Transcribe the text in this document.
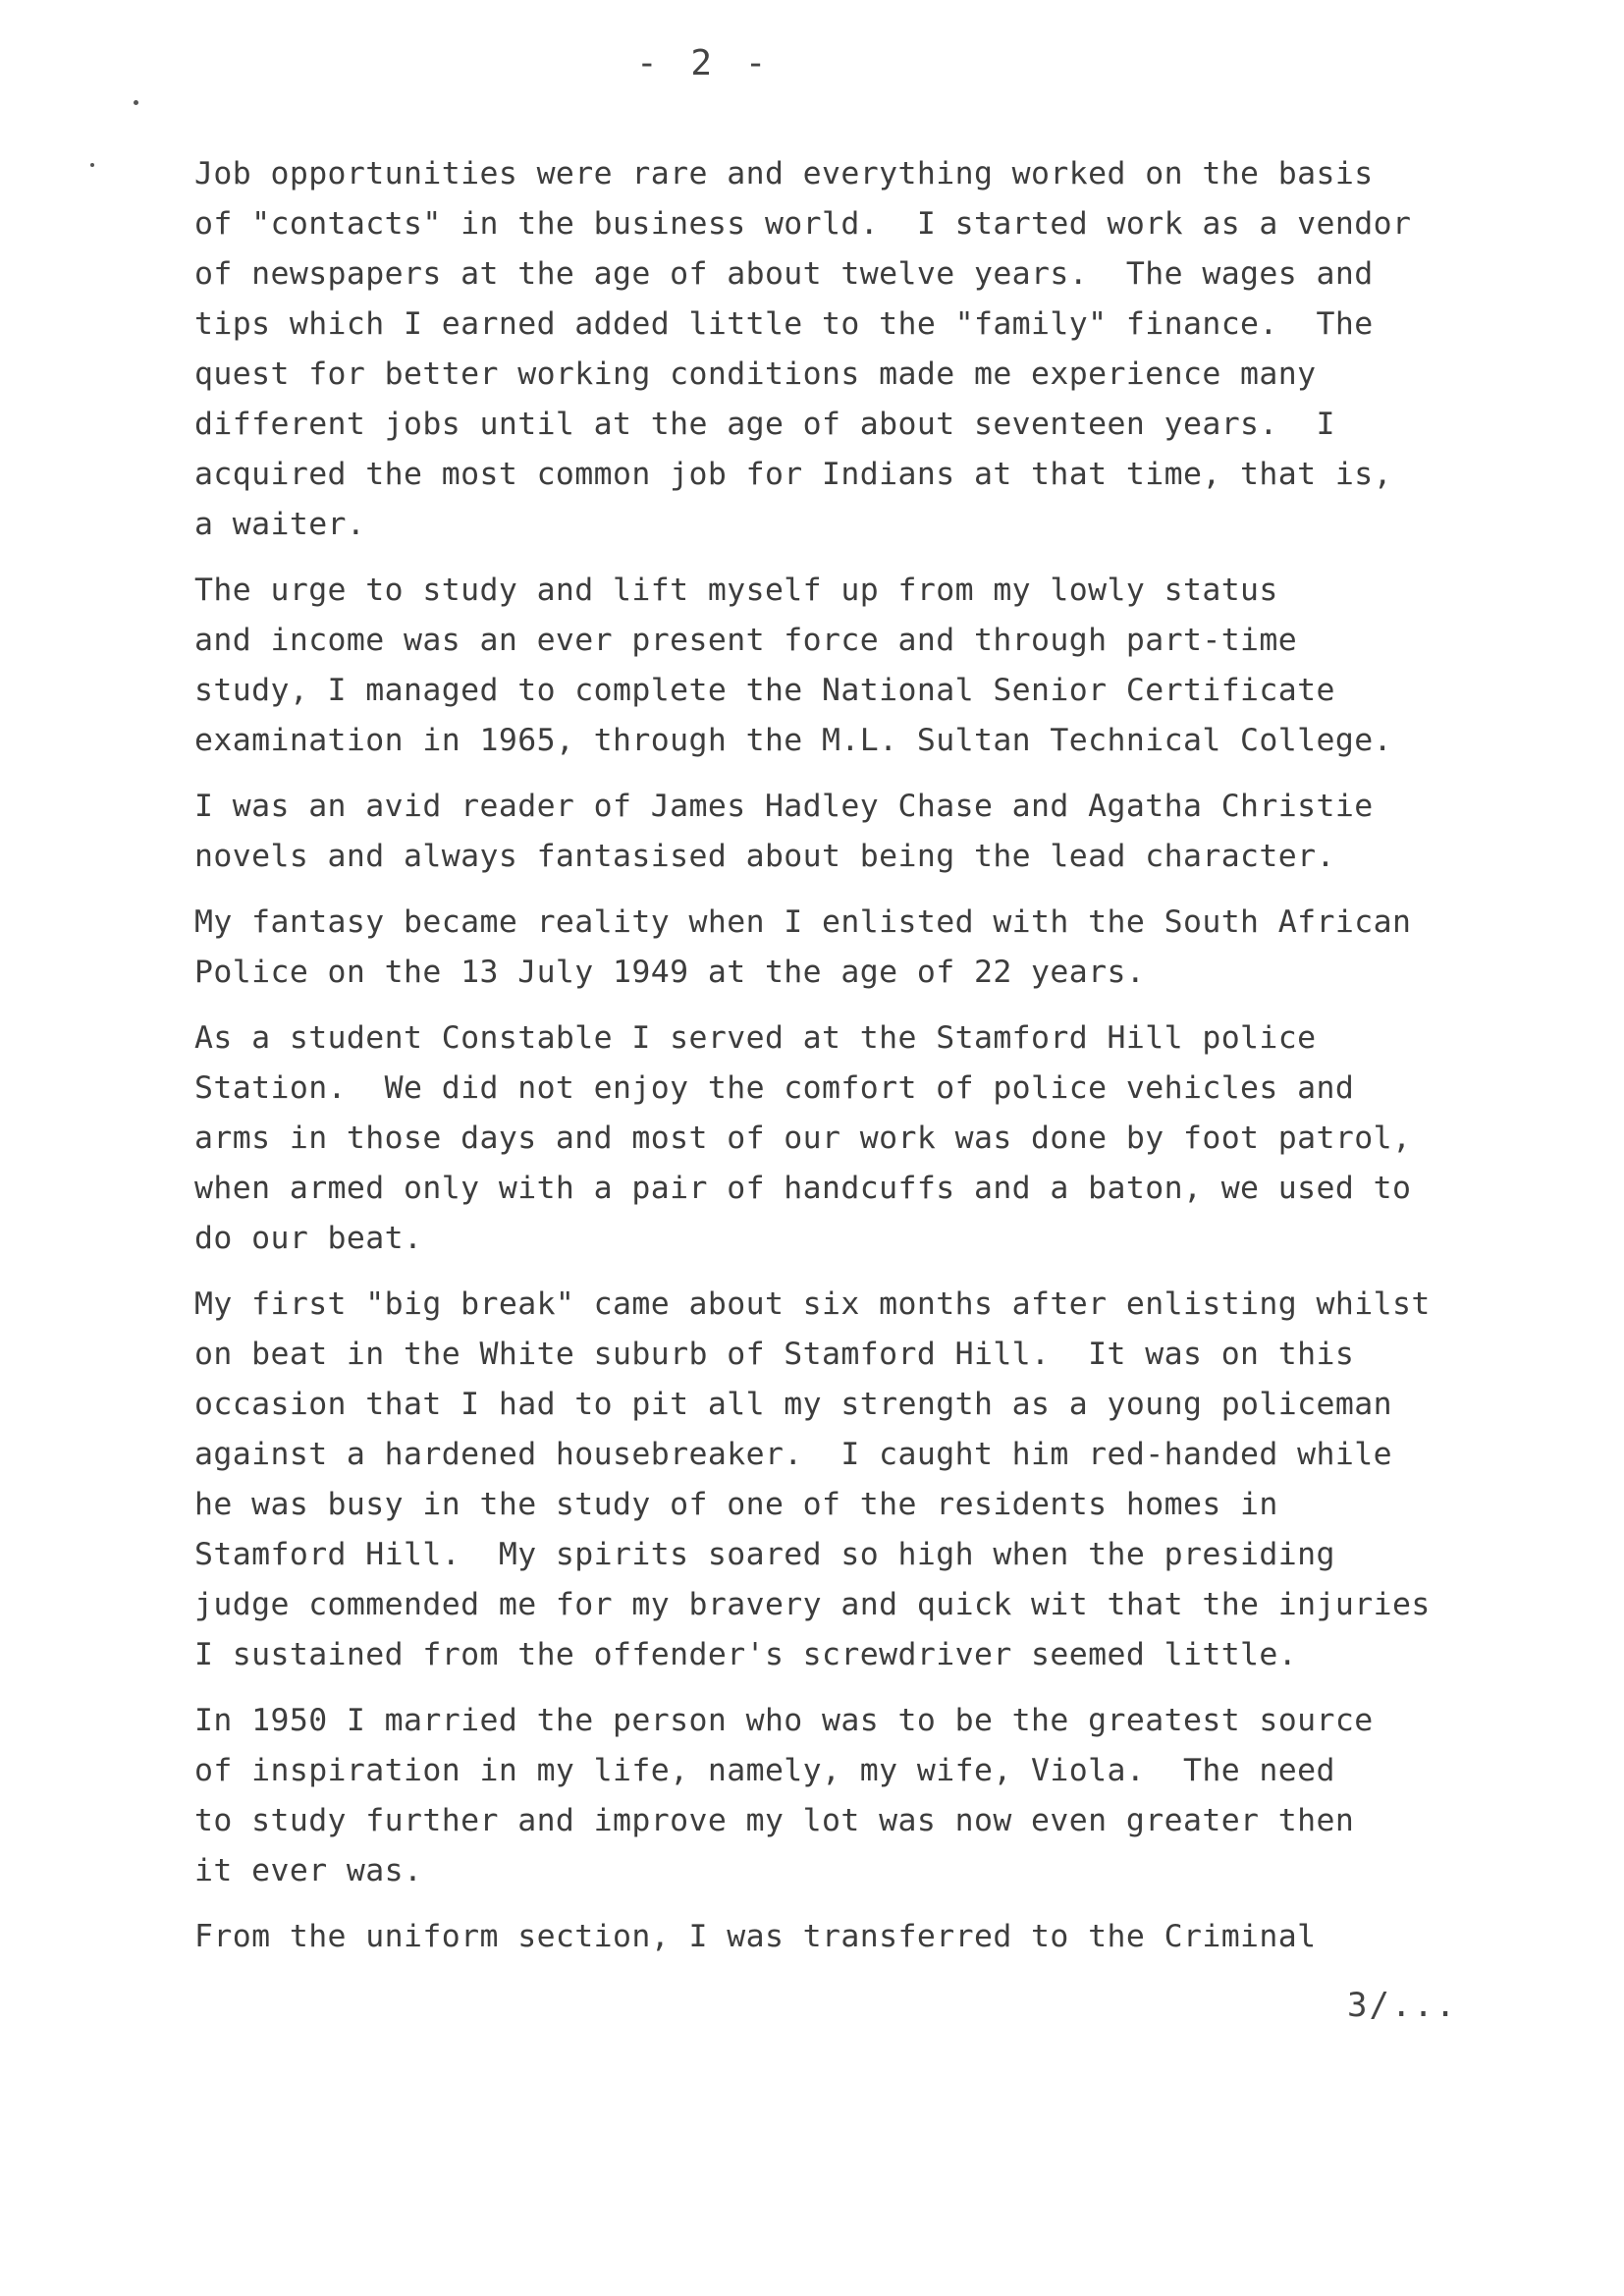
- 2 -
Job opportunities were rare and everything worked on the basis
of "contacts" in the business world.  I started work as a vendor
of newspapers at the age of about twelve years.  The wages and
tips which I earned added little to the "family" finance.  The
quest for better working conditions made me experience many
different jobs until at the age of about seventeen years.  I
acquired the most common job for Indians at that time, that is,
a waiter.
The urge to study and lift myself up from my lowly status
and income was an ever present force and through part-time
study, I managed to complete the National Senior Certificate
examination in 1965, through the M.L. Sultan Technical College.
I was an avid reader of James Hadley Chase and Agatha Christie
novels and always fantasised about being the lead character.
My fantasy became reality when I enlisted with the South African
Police on the 13 July 1949 at the age of 22 years.
As a student Constable I served at the Stamford Hill police
Station.  We did not enjoy the comfort of police vehicles and
arms in those days and most of our work was done by foot patrol,
when armed only with a pair of handcuffs and a baton, we used to
do our beat.
My first "big break" came about six months after enlisting whilst
on beat in the White suburb of Stamford Hill.  It was on this
occasion that I had to pit all my strength as a young policeman
against a hardened housebreaker.  I caught him red-handed while
he was busy in the study of one of the residents homes in
Stamford Hill.  My spirits soared so high when the presiding
judge commended me for my bravery and quick wit that the injuries
I sustained from the offender's screwdriver seemed little.
In 1950 I married the person who was to be the greatest source
of inspiration in my life, namely, my wife, Viola.  The need
to study further and improve my lot was now even greater then
it ever was.
From the uniform section, I was transferred to the Criminal
3/...
